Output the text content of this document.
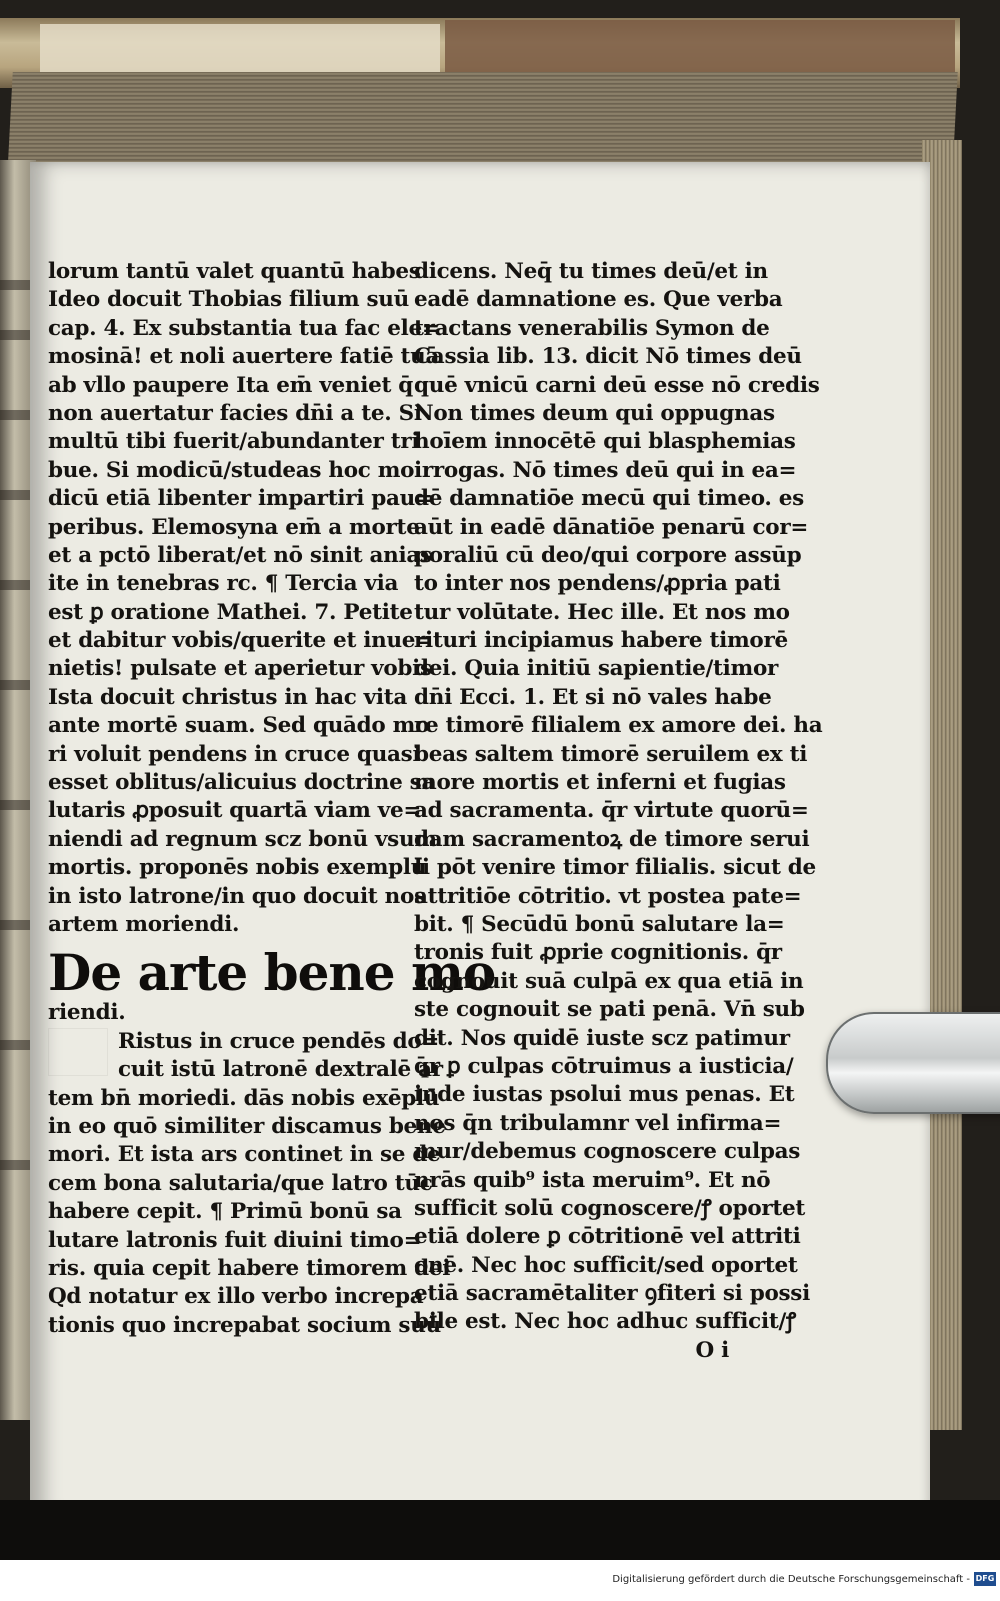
lorum tantū valet quantū habes
Ideo docuit Thobias filium suū
cap. 4. Ex substantia tua fac ele=
mosinā! et noli auertere fatiē tuā
ab vllo paupere Ita em̄ veniet q̄
non auertatur facies dn̄i a te. Si
multū tibi fuerit/abundanter tri
bue. Si modicū/studeas hoc mo
dicū etiā libenter impartiri pau=
peribus. Elemosyna em̄ a morte
et a pctō liberat/et nō sinit anias
ite in tenebras rc. ¶ Tercia via
est ꝑ oratione Mathei. 7. Petite
et dabitur vobis/querite et inue=
nietis! pulsate et aperietur vobis
Ista docuit christus in hac vita
ante mortē suam. Sed quādo mo
ri voluit pendens in cruce quasi
esset oblitus/alicuius doctrine sa
lutaris ꝓposuit quartā viam ve=
niendi ad regnum scz bonū vsum
mortis. proponēs nobis exemplū
in isto latrone/in quo docuit nos
artem moriendi.
De arte bene mo
riendi.
Ristus in cruce pendēs do=
cuit istū latronē dextralē ar
tem bn̄ moriedi. dās nobis exēplū
in eo quō similiter discamus bene
mori. Et ista ars continet in se de
cem bona salutaria/que latro tūc
habere cepit. ¶ Primū bonū sa
lutare latronis fuit diuini timo=
ris. quia cepit habere timorem dei
Qd notatur ex illo verbo increpa
tionis quo increpabat socium suū
dicens. Neq̄ tu times deū/et in
eadē damnatione es. Que verba
tractans venerabilis Symon de
Cassia lib. 13. dicit Nō times deū
quē vnicū carni deū esse nō credis
Non times deum qui oppugnas
hoīem innocētē qui blasphemias
irrogas. Nō times deū qui in ea=
dē damnatiōe mecū qui timeo. es
aūt in eadē dānatiōe penarū cor=
poraliū cū deo/qui corpore assūp
to inter nos pendens/ꝓpria pati
tur volūtate. Hec ille. Et nos mo
rituri incipiamus habere timorē
dei. Quia initiū sapientie/timor
dn̄i Ecci. 1. Et si nō vales habe
re timorē filialem ex amore dei. ha
beas saltem timorē seruilem ex ti
more mortis et inferni et fugias
ad sacramenta. q̄r virtute quorū=
dam sacramentoꝝ de timore serui
li pōt venire timor filialis. sicut de
attritiōe cōtritio. vt postea pate=
bit. ¶ Secūdū bonū salutare la=
tronis fuit ꝓprie cognitionis. q̄r
cognouit suā culpā ex qua etiā in
ste cognouit se pati penā. Vn̄ sub
dit. Nos quidē iuste scz patimur
q̄r ꝑ culpas cōtruimus a iusticia/
inde iustas psolui mus penas. Et
nos q̄n tribulamnr vel infirma=
mur/debemus cognoscere culpas
nrās quib⁹ ista meruim⁹. Et nō
sufficit solū cognoscere/ꝭ oportet
etiā dolere ꝑ cōtritionē vel attriti
onē. Nec hoc sufficit/sed oportet
etiā sacramētaliter ꝯfiteri si possi
bile est. Nec hoc adhuc sufficit/ꝭ
O i
Digitalisierung gefördert durch die Deutsche Forschungsgemeinschaft - DFG
